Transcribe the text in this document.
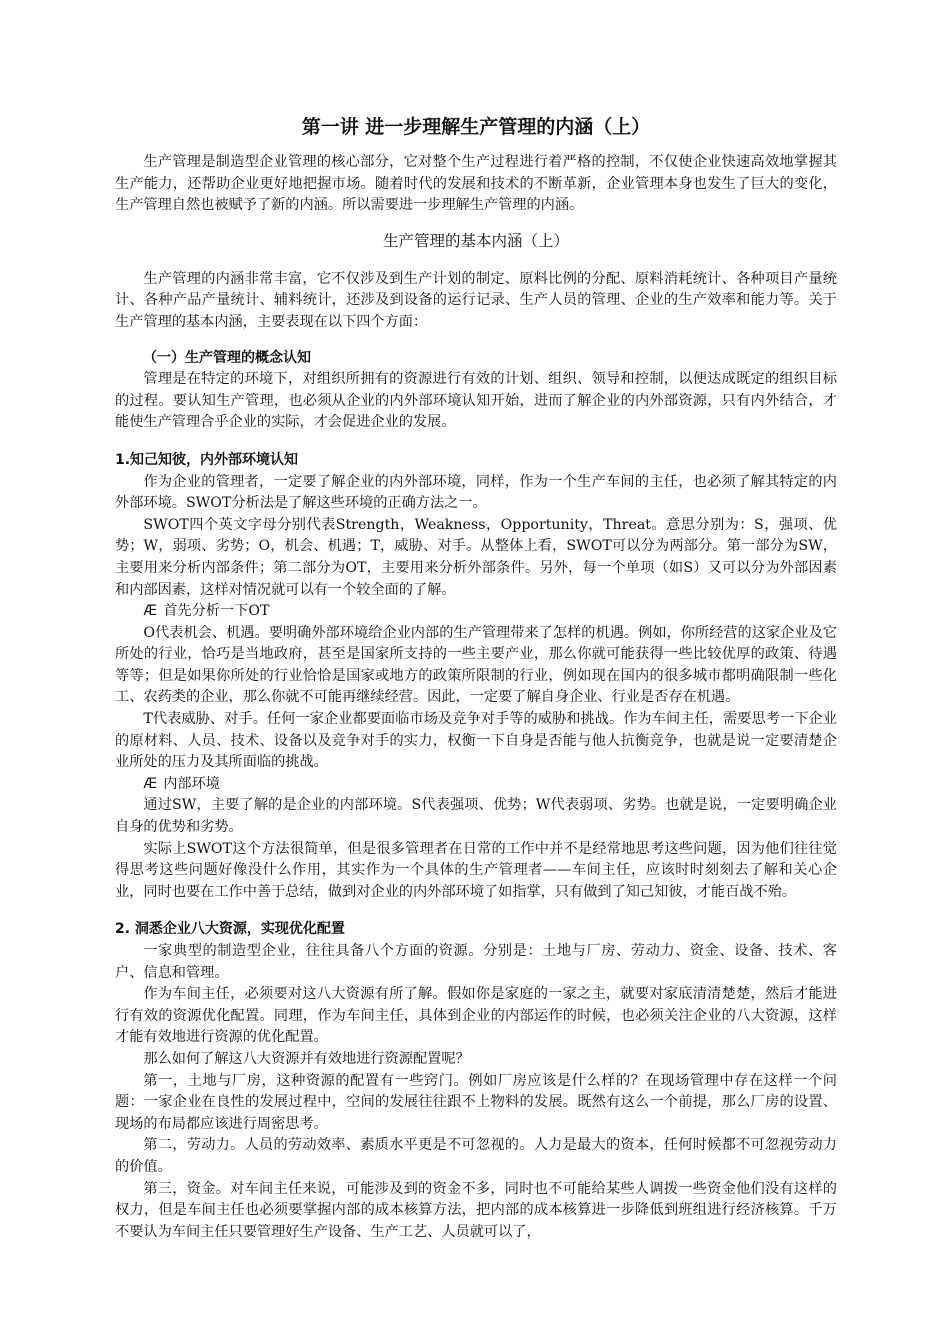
第一讲 进一步理解生产管理的内涵（上）

生产管理是制造型企业管理的核心部分，它对整个生产过程进行着严格的控制，不仅使企业快速高效地掌握其生产能力，还帮助企业更好地把握市场。随着时代的发展和技术的不断革新，企业管理本身也发生了巨大的变化，生产管理自然也被赋予了新的内涵。所以需要进一步理解生产管理的内涵。

生产管理的基本内涵（上）

生产管理的内涵非常丰富，它不仅涉及到生产计划的制定、原料比例的分配、原料消耗统计、各种项目产量统计、各种产品产量统计、辅料统计，还涉及到设备的运行记录、生产人员的管理、企业的生产效率和能力等。关于生产管理的基本内涵，主要表现在以下四个方面：

（一）生产管理的概念认知

管理是在特定的环境下，对组织所拥有的资源进行有效的计划、组织、领导和控制，以便达成既定的组织目标的过程。要认知生产管理，也必须从企业的内外部环境认知开始，进而了解企业的内外部资源，只有内外结合，才能使生产管理合乎企业的实际，才会促进企业的发展。

1.知己知彼，内外部环境认知

作为企业的管理者，一定要了解企业的内外部环境，同样，作为一个生产车间的主任，也必须了解其特定的内外部环境。SWOT分析法是了解这些环境的正确方法之一。

SWOT四个英文字母分别代表Strength，Weakness，Opportunity，Threat。意思分别为：S，强项、优势；W，弱项、劣势；O，机会、机遇；T，威胁、对手。从整体上看，SWOT可以分为两部分。第一部分为SW，主要用来分析内部条件；第二部分为OT，主要用来分析外部条件。另外，每一个单项（如S）又可以分为外部因素和内部因素，这样对情况就可以有一个较全面的了解。

Æ 首先分析一下OT

O代表机会、机遇。要明确外部环境给企业内部的生产管理带来了怎样的机遇。例如，你所经营的这家企业及它所处的行业，恰巧是当地政府，甚至是国家所支持的一些主要产业，那么你就可能获得一些比较优厚的政策、待遇等等；但是如果你所处的行业恰恰是国家或地方的政策所限制的行业，例如现在国内的很多城市都明确限制一些化工、农药类的企业，那么你就不可能再继续经营。因此，一定要了解自身企业、行业是否存在机遇。

T代表威胁、对手。任何一家企业都要面临市场及竞争对手等的威胁和挑战。作为车间主任，需要思考一下企业的原材料、人员、技术、设备以及竞争对手的实力，权衡一下自身是否能与他人抗衡竞争，也就是说一定要清楚企业所处的压力及其所面临的挑战。

Æ 内部环境

通过SW，主要了解的是企业的内部环境。S代表强项、优势；W代表弱项、劣势。也就是说，一定要明确企业自身的优势和劣势。

实际上SWOT这个方法很简单，但是很多管理者在日常的工作中并不是经常地思考这些问题，因为他们往往觉得思考这些问题好像没什么作用，其实作为一个具体的生产管理者——车间主任，应该时时刻刻去了解和关心企业，同时也要在工作中善于总结，做到对企业的内外部环境了如指掌，只有做到了知己知彼，才能百战不殆。

2. 洞悉企业八大资源，实现优化配置

一家典型的制造型企业，往往具备八个方面的资源。分别是：土地与厂房、劳动力、资金、设备、技术、客户、信息和管理。

作为车间主任，必须要对这八大资源有所了解。假如你是家庭的一家之主，就要对家底清清楚楚，然后才能进行有效的资源优化配置。同理，作为车间主任，具体到企业的内部运作的时候，也必须关注企业的八大资源，这样才能有效地进行资源的优化配置。

那么如何了解这八大资源并有效地进行资源配置呢？

第一，土地与厂房，这种资源的配置有一些窍门。例如厂房应该是什么样的？在现场管理中存在这样一个问题：一家企业在良性的发展过程中，空间的发展往往跟不上物料的发展。既然有这么一个前提，那么厂房的设置、现场的布局都应该进行周密思考。

第二，劳动力。人员的劳动效率、素质水平更是不可忽视的。人力是最大的资本，任何时候都不可忽视劳动力的价值。

第三，资金。对车间主任来说，可能涉及到的资金不多，同时也不可能给某些人调拨一些资金他们没有这样的权力，但是车间主任也必须要掌握内部的成本核算方法，把内部的成本核算进一步降低到班组进行经济核算。千万不要认为车间主任只要管理好生产设备、生产工艺、人员就可以了，
